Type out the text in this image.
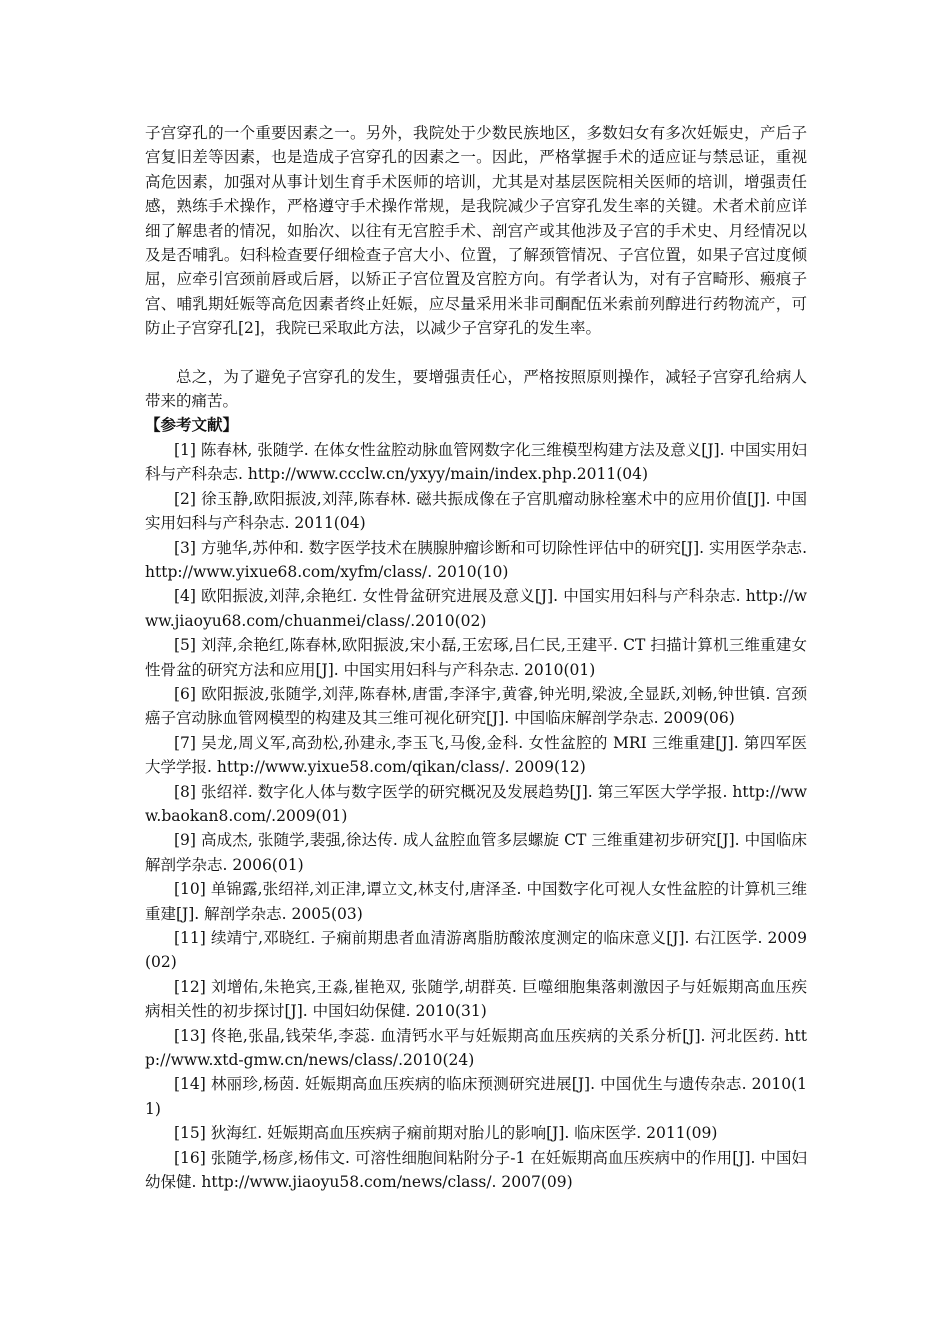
子宫穿孔的一个重要因素之一。另外，我院处于少数民族地区，多数妇女有多次妊娠史，产后子宫复旧差等因素，也是造成子宫穿孔的因素之一。因此，严格掌握手术的适应证与禁忌证，重视高危因素，加强对从事计划生育手术医师的培训，尤其是对基层医院相关医师的培训，增强责任感，熟练手术操作，严格遵守手术操作常规，是我院减少子宫穿孔发生率的关键。术者术前应详细了解患者的情况，如胎次、以往有无宫腔手术、剖宫产或其他涉及子宫的手术史、月经情况以及是否哺乳。妇科检查要仔细检查子宫大小、位置，了解颈管情况、子宫位置，如果子宫过度倾屈，应牵引宫颈前唇或后唇，以矫正子宫位置及宫腔方向。有学者认为，对有子宫畸形、瘢痕子宫、哺乳期妊娠等高危因素者终止妊娠，应尽量采用米非司酮配伍米索前列醇进行药物流产，可防止子宫穿孔[2]，我院已采取此方法，以减少子宫穿孔的发生率。

总之，为了避免子宫穿孔的发生，要增强责任心，严格按照原则操作，减轻子宫穿孔给病人带来的痛苦。

【参考文献】

[1] 陈春林, 张随学. 在体女性盆腔动脉血管网数字化三维模型构建方法及意义[J]. 中国实用妇科与产科杂志. http://www.ccclw.cn/yxyy/main/index.php.2011(04)

[2] 徐玉静,欧阳振波,刘萍,陈春林. 磁共振成像在子宫肌瘤动脉栓塞术中的应用价值[J]. 中国实用妇科与产科杂志. 2011(04)

[3] 方驰华,苏仲和. 数字医学技术在胰腺肿瘤诊断和可切除性评估中的研究[J]. 实用医学杂志. http://www.yixue68.com/xyfm/class/. 2010(10)

[4] 欧阳振波,刘萍,余艳红. 女性骨盆研究进展及意义[J]. 中国实用妇科与产科杂志. http://www.jiaoyu68.com/chuanmei/class/.2010(02)

[5] 刘萍,余艳红,陈春林,欧阳振波,宋小磊,王宏琢,吕仁民,王建平. CT 扫描计算机三维重建女性骨盆的研究方法和应用[J]. 中国实用妇科与产科杂志. 2010(01)

[6] 欧阳振波,张随学,刘萍,陈春林,唐雷,李泽宇,黄睿,钟光明,梁波,全显跃,刘畅,钟世镇. 宫颈癌子宫动脉血管网模型的构建及其三维可视化研究[J]. 中国临床解剖学杂志. 2009(06)

[7] 吴龙,周义军,高劲松,孙建永,李玉飞,马俊,金科. 女性盆腔的 MRI 三维重建[J]. 第四军医大学学报. http://www.yixue58.com/qikan/class/. 2009(12)

[8] 张绍祥. 数字化人体与数字医学的研究概况及发展趋势[J]. 第三军医大学学报. http://www.baokan8.com/.2009(01)

[9] 高成杰, 张随学,裴强,徐达传. 成人盆腔血管多层螺旋 CT 三维重建初步研究[J]. 中国临床解剖学杂志. 2006(01)

[10] 单锦露,张绍祥,刘正津,谭立文,林支付,唐泽圣. 中国数字化可视人女性盆腔的计算机三维重建[J]. 解剖学杂志. 2005(03)

[11] 续靖宁,邓晓红. 子痫前期患者血清游离脂肪酸浓度测定的临床意义[J]. 右江医学. 2009(02)

[12] 刘增佑,朱艳宾,王淼,崔艳双, 张随学,胡群英. 巨噬细胞集落刺激因子与妊娠期高血压疾病相关性的初步探讨[J]. 中国妇幼保健. 2010(31)

[13] 佟艳,张晶,钱荣华,李蕊. 血清钙水平与妊娠期高血压疾病的关系分析[J]. 河北医药. http://www.xtd-gmw.cn/news/class/.2010(24)

[14] 林丽珍,杨茵. 妊娠期高血压疾病的临床预测研究进展[J]. 中国优生与遗传杂志. 2010(11)

[15] 狄海红. 妊娠期高血压疾病子痫前期对胎儿的影响[J]. 临床医学. 2011(09)

[16] 张随学,杨彦,杨伟文. 可溶性细胞间粘附分子-1 在妊娠期高血压疾病中的作用[J]. 中国妇幼保健. http://www.jiaoyu58.com/news/class/. 2007(09)
